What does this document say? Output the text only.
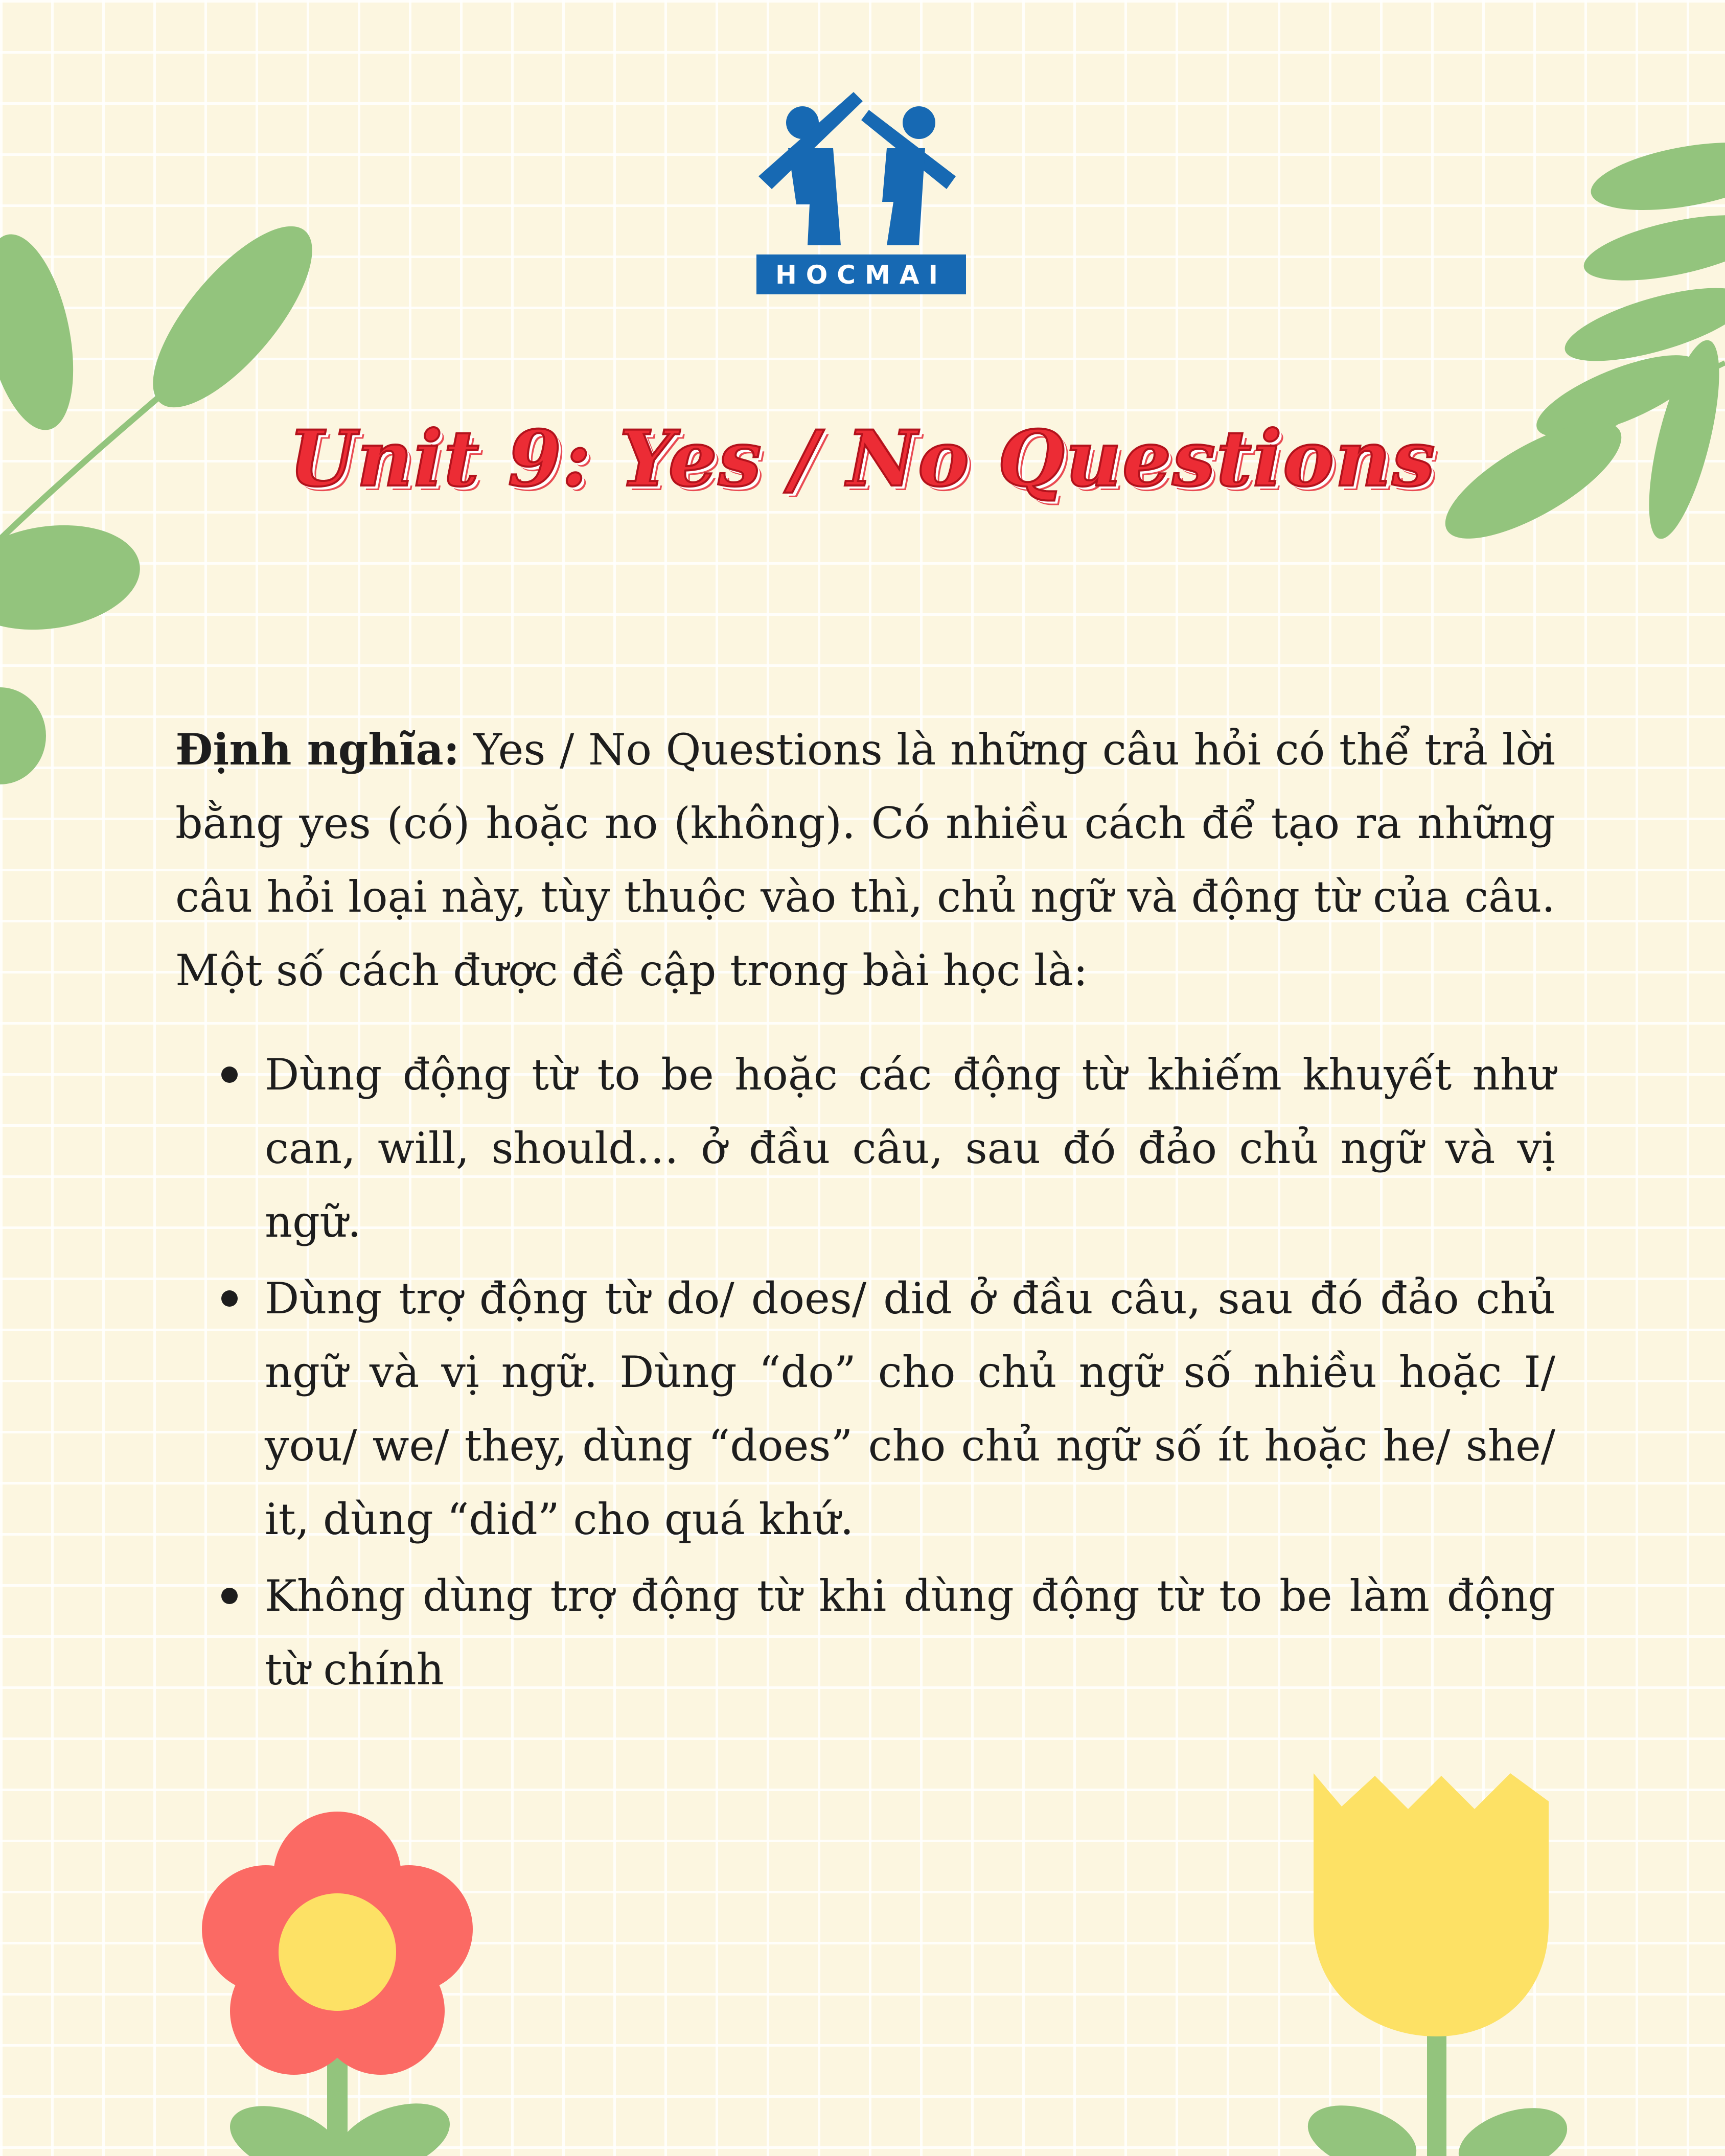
HOCMAI
Unit 9: Yes / No Questions

Định nghĩa: Yes / No Questions là những câu hỏi có thể trả lời bằng yes (có) hoặc no (không). Có nhiều cách để tạo ra những câu hỏi loại này, tùy thuộc vào thì, chủ ngữ và động từ của câu. Một số cách được đề cập trong bài học là:

Dùng động từ to be hoặc các động từ khiếm khuyết như can, will, should… ở đầu câu, sau đó đảo chủ ngữ và vị ngữ.
Dùng trợ động từ do/ does/ did ở đầu câu, sau đó đảo chủ ngữ và vị ngữ. Dùng “do” cho chủ ngữ số nhiều hoặc I/ you/ we/ they, dùng “does” cho chủ ngữ số ít hoặc he/ she/ it, dùng “did” cho quá khứ.
Không dùng trợ động từ khi dùng động từ to be làm động từ chính
